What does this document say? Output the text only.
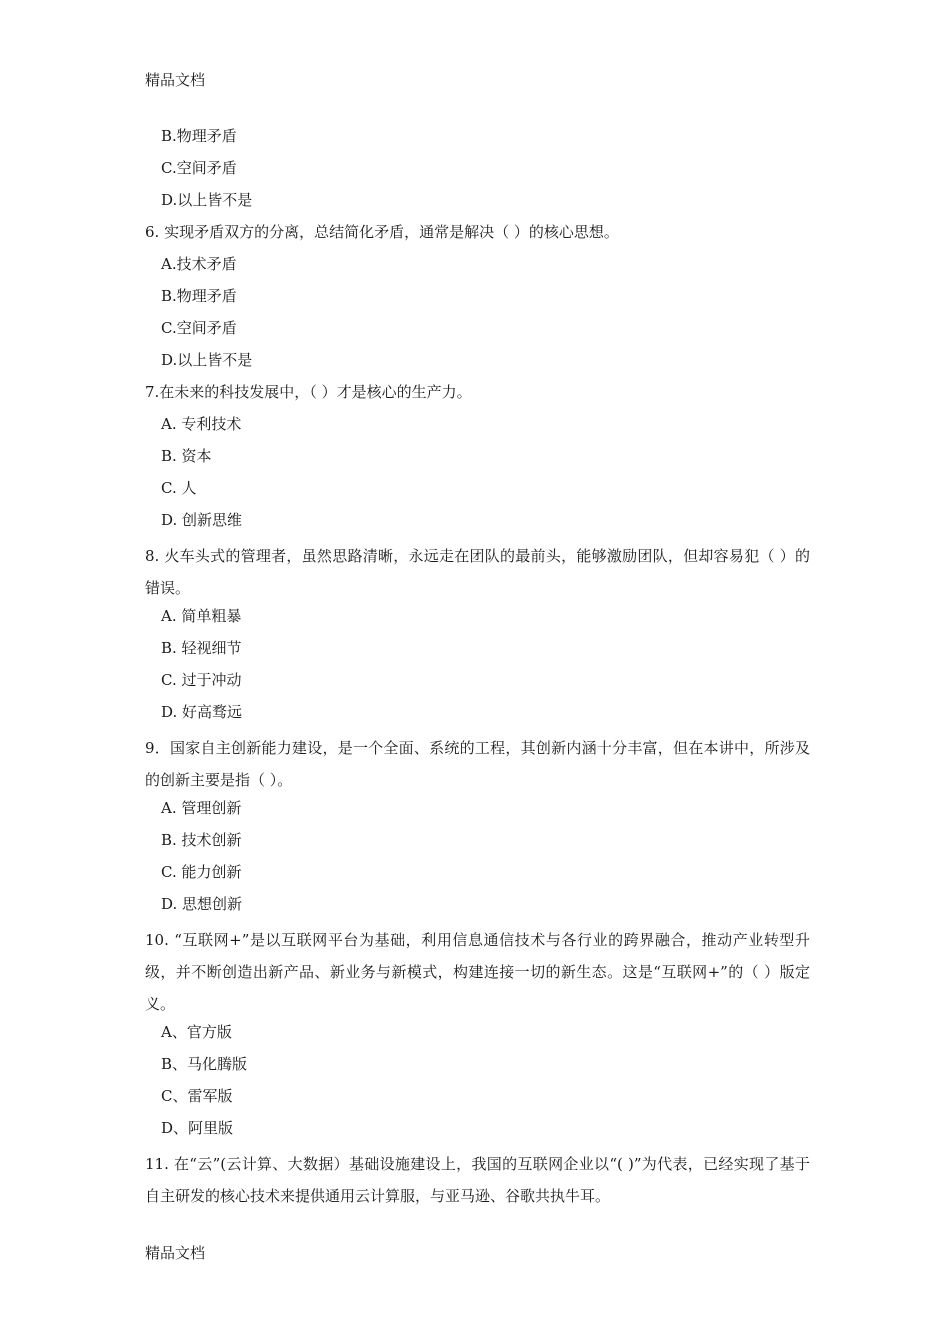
精品文档
B.物理矛盾
C.空间矛盾
D.以上皆不是
6. 实现矛盾双方的分离，总结简化矛盾，通常是解决（ ）的核心思想。
A.技术矛盾
B.物理矛盾
C.空间矛盾
D.以上皆不是
7.在未来的科技发展中，（ ）才是核心的生产力。
A. 专利技术
B. 资本
C. 人
D. 创新思维
8. 火车头式的管理者，虽然思路清晰，永远走在团队的最前头，能够激励团队，但却容易犯（ ）的错误。
A. 简单粗暴
B. 轻视细节
C. 过于冲动
D. 好高骛远
9．国家自主创新能力建设，是一个全面、系统的工程，其创新内涵十分丰富，但在本讲中，所涉及的创新主要是指（ ）。
A. 管理创新
B. 技术创新
C. 能力创新
D. 思想创新
10. “互联网+”是以互联网平台为基础，利用信息通信技术与各行业的跨界融合，推动产业转型升级，并不断创造出新产品、新业务与新模式，构建连接一切的新生态。这是“互联网+”的（ ）版定义。
A、官方版
B、马化腾版
C、雷军版
D、阿里版
11. 在“云”(云计算、大数据）基础设施建设上，我国的互联网企业以“( )”为代表，已经实现了基于自主研发的核心技术来提供通用云计算服，与亚马逊、谷歌共执牛耳。
精品文档
